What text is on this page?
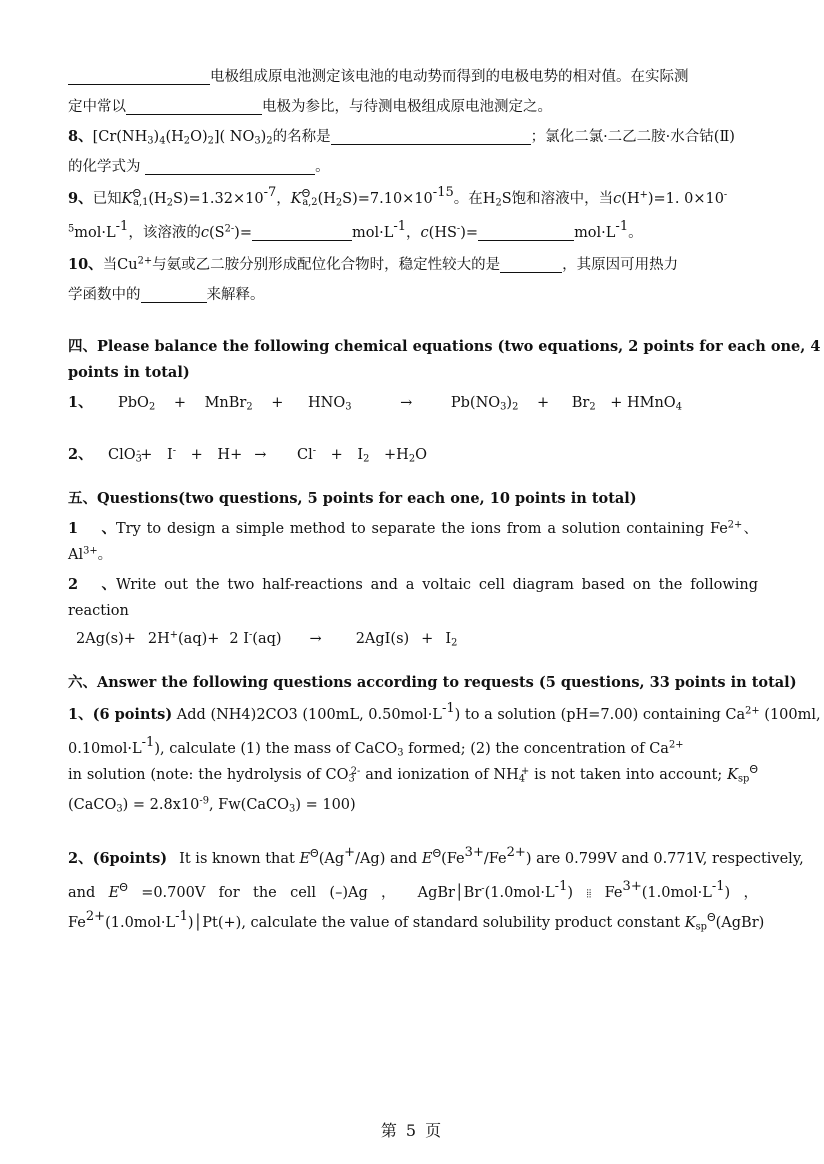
电极组成原电池测定该电池的电动势而得到的电极电势的相对值。在实际测
定中常以	电极为参比，与待测电极组成原电池测定之。
8、$[Cr(NH_3)_4(H_2O)_2]$( $NO_3)_2$的名称是	；氯化二氯·二乙二胺·水合钴(Ⅱ)
的化学式为	。
9、已知$K^\Theta_{a,1}(H_2S)=1.32\times 10^{-7}$，$K^\Theta_{a,2}(H_2S)=7.10\times 10^{-15}$。在$H_2S$饱和溶液中，当c(H+)=1. 0×10-
$^5mol\cdot L^{-1}$，该溶液的$c(S^{2-})=$	$mol\cdot L^{-1}$，c(HS-)=	$mol\cdot L^{-1}$。
10、当$Cu^{2+}$与氨或乙二胺分别形成配位化合物时，稳定性较大的是	，其原因可用热力
学函数中的	来解释。
四、Please balance the following chemical equations (two equations, 2 points for each one, 4
points in total)
1、 PbO$_2$ + MnBr$_2$ + $HNO_3$	→	$Pb(NO_3)_2 + Br_2$ + HMnO$_4$
2、 $ClO_3^-+ I^- + H+ \to Cl^- + I_2 +H_2O$
五、Questions(two questions, 5 points for each one, 10 points in total)
1、Try to design a simple method to separate the ions from a solution containing $Fe^{2+}$、
$Al^{3+}$。
2、Write out the two half-reactions and a voltaic cell diagram based on the following
reaction
2Ag(s)+ 2H+(aq)+ 2 $I^-(aq) \to 2AgI(s) + I_2$
六、Answer the following questions according to requests (5 questions, 33 points in total)
1、(6 points) Add (NH4)2CO3 (100mL, $0.50mol\cdot L^{-1}$) to a solution (pH=7.00) containing $Ca^{2+}$ (100ml,
$0.10mol\cdot L^{-1}$), calculate (1) the mass of CaCO$_3$ formed; (2) the concentration of $Ca^{2+}$
in solution (note: the hydrolysis of $CO_3^{2-}$ and ionization of $NH_4^+$ is not taken into account; $K_{sp}^\Theta$
(CaCO$_3$) = $2.8x10^{-9}$, Fw(CaCO$_3$) = 100)
2、(6points) It is known that $E^\Theta(Ag^+/Ag)$ and $E^\Theta(Fe^{3+}/Fe^{2+})$ are 0.799V and 0.771V, respectively,
and $E^\Theta =0.700V$ for the cell (–)Ag ， $AgBr│Br^-(1.0mol\cdot L^{-1})$ ⦙⦙ $Fe^{3+}(1.0mol\cdot L^{-1})$ ，
$Fe^{2+}(1.0mol\cdot L^{-1})│Pt(+)$, calculate the value of standard solubility product constant $K_{sp}^\Theta(AgBr)$
第 5 页
